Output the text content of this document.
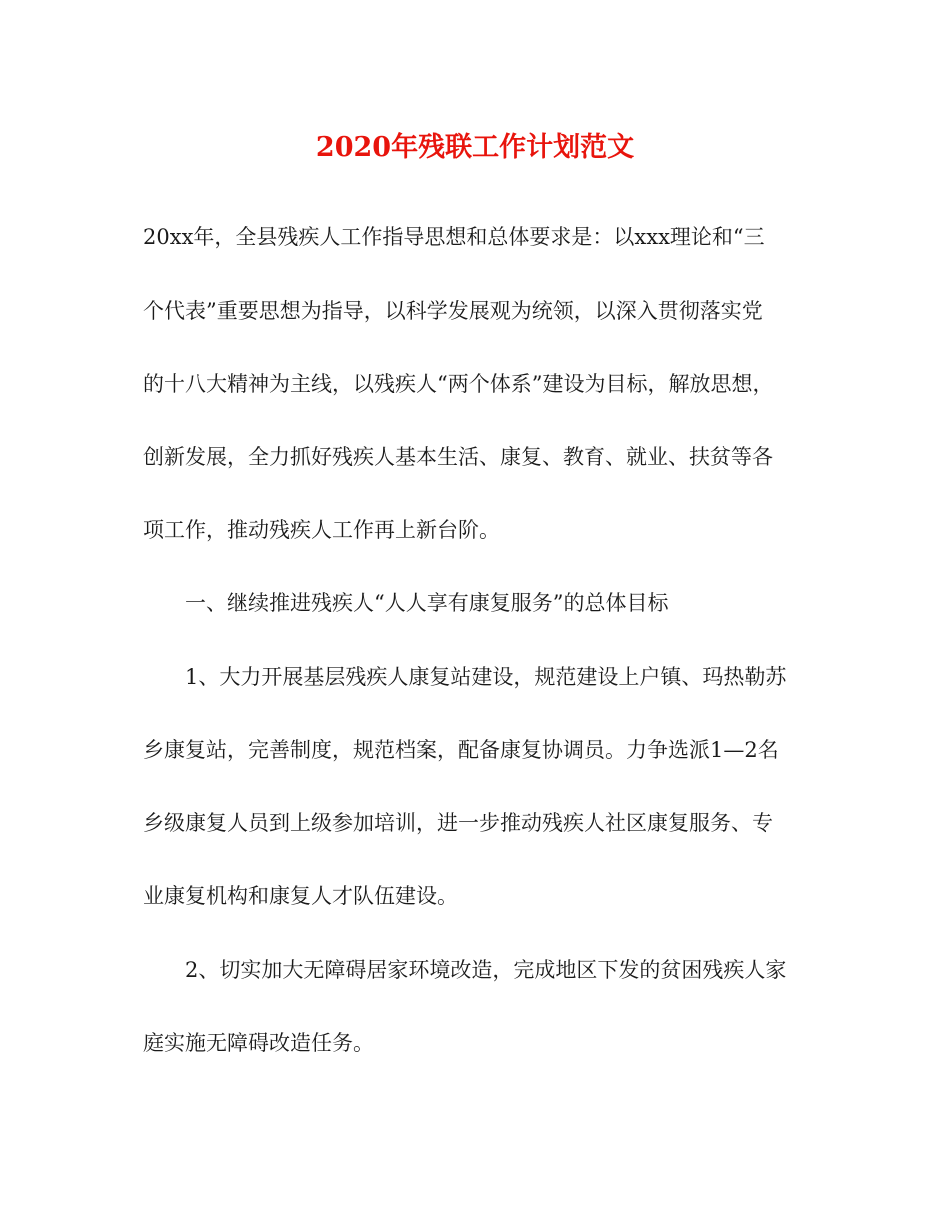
2020年残联工作计划范文

20xx年，全县残疾人工作指导思想和总体要求是：以xxx理论和“三

个代表”重要思想为指导，以科学发展观为统领，以深入贯彻落实党

的十八大精神为主线，以残疾人“两个体系”建设为目标，解放思想，

创新发展，全力抓好残疾人基本生活、康复、教育、就业、扶贫等各

项工作，推动残疾人工作再上新台阶。

一、继续推进残疾人“人人享有康复服务”的总体目标

1、大力开展基层残疾人康复站建设，规范建设上户镇、玛热勒苏

乡康复站，完善制度，规范档案，配备康复协调员。力争选派1—2名

乡级康复人员到上级参加培训，进一步推动残疾人社区康复服务、专

业康复机构和康复人才队伍建设。

2、切实加大无障碍居家环境改造，完成地区下发的贫困残疾人家

庭实施无障碍改造任务。
